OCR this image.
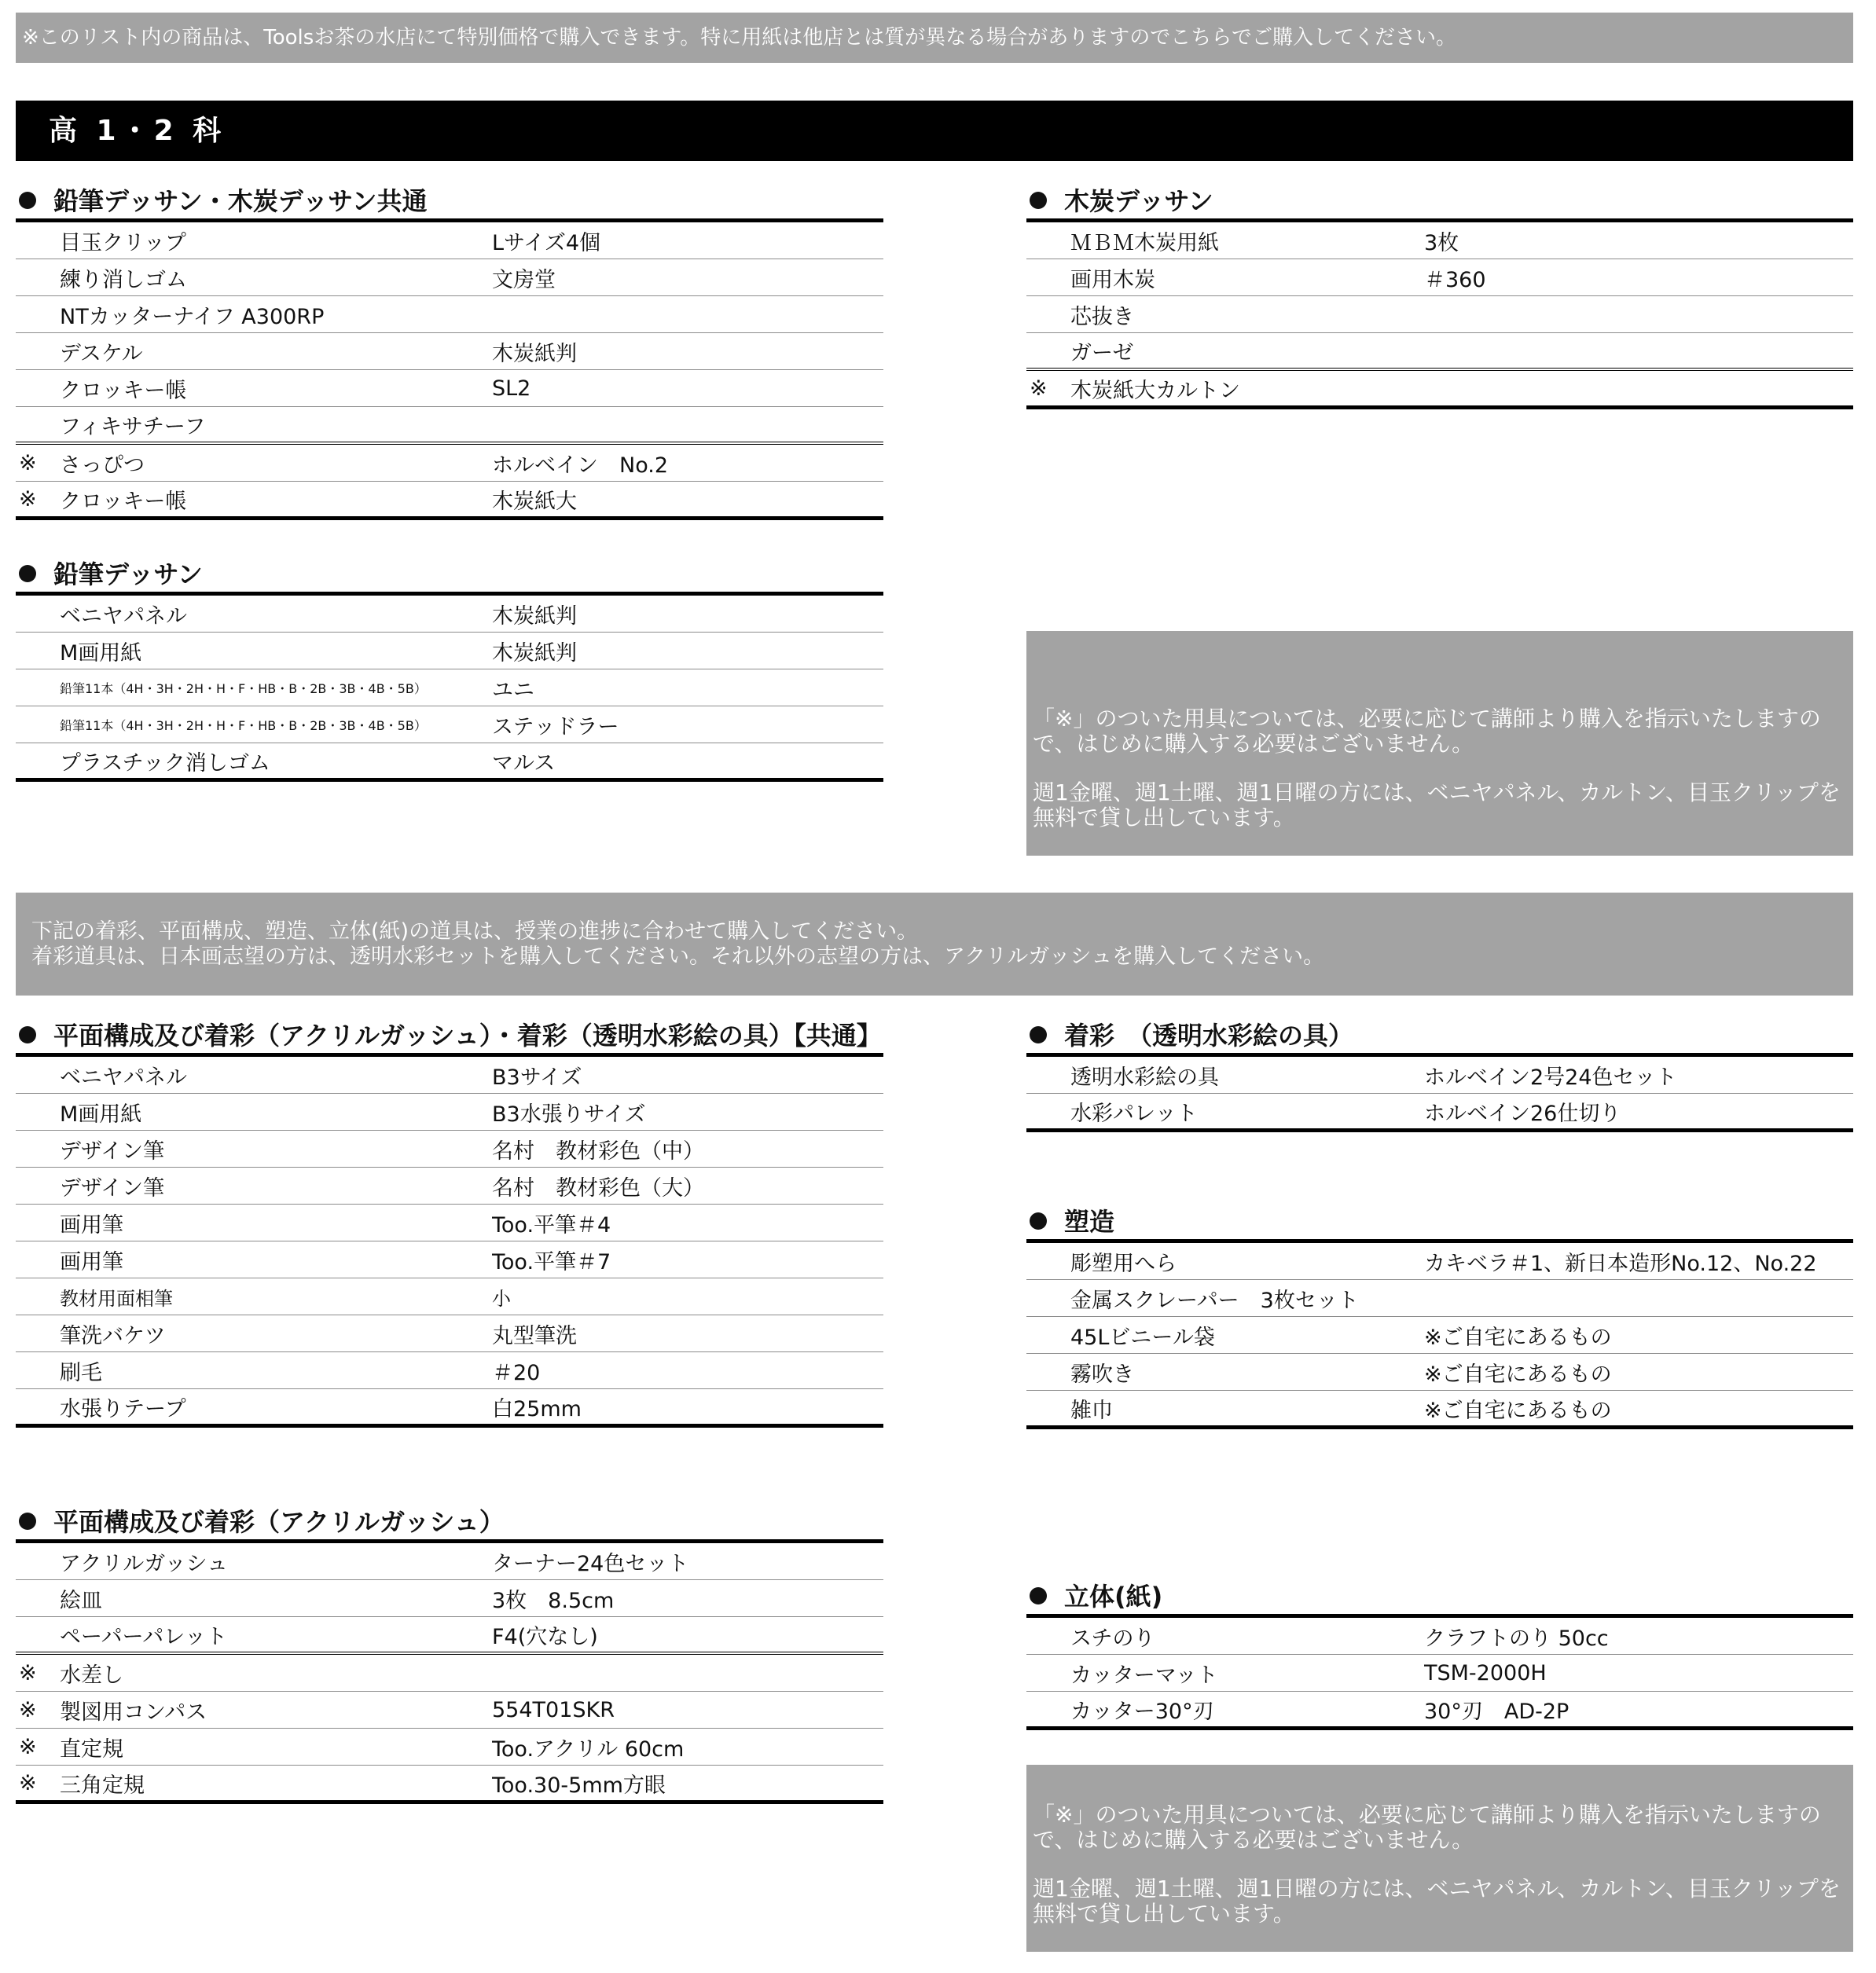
※このリスト内の商品は、Toolsお茶の水店にて特別価格で購入できます。特に用紙は他店とは質が異なる場合がありますのでこちらでご購入してください。
高 1・2 科
鉛筆デッサン・木炭デッサン共通
目玉クリップ	Lサイズ4個
練り消しゴム	文房堂
NTカッターナイフ A300RP
デスケル	木炭紙判
クロッキー帳	SL2
フィキサチーフ
※	さっぴつ	ホルベイン　No.2
※	クロッキー帳	木炭紙大
木炭デッサン
ＭＢＭ木炭用紙	3枚
画用木炭	＃360
芯抜き
ガーゼ
※	木炭紙大カルトン
鉛筆デッサン
ベニヤパネル	木炭紙判
M画用紙	木炭紙判
鉛筆11本（4H・3H・2H・H・F・HB・B・2B・3B・4B・5B）	ユニ
鉛筆11本（4H・3H・2H・H・F・HB・B・2B・3B・4B・5B）	ステッドラー
プラスチック消しゴム	マルス

「※」のついた用具については、必要に応じて講師より購入を指示いたしますので、はじめに購入する必要はございません。

週1金曜、週1土曜、週1日曜の方には、ベニヤパネル、カルトン、目玉クリップを無料で貸し出しています。

下記の着彩、平面構成、塑造、立体(紙)の道具は、授業の進捗に合わせて購入してください。

着彩道具は、日本画志望の方は、透明水彩セットを購入してください。それ以外の志望の方は、アクリルガッシュを購入してください。

平面構成及び着彩（アクリルガッシュ）・着彩（透明水彩絵の具）【共通】
ベニヤパネル	B3サイズ
M画用紙	B3水張りサイズ
デザイン筆	名村　教材彩色（中）
デザイン筆	名村　教材彩色（大）
画用筆	Too.平筆＃4
画用筆	Too.平筆＃7
教材用面相筆	小
筆洗バケツ	丸型筆洗
刷毛	＃20
水張りテープ	白25mm
着彩　（透明水彩絵の具）
透明水彩絵の具	ホルベイン2号24色セット
水彩パレット	ホルベイン26仕切り
塑造
彫塑用へら	カキベラ＃1、新日本造形No.12、No.22
金属スクレーパー　3枚セット
45Lビニール袋	※ご自宅にあるもの
霧吹き	※ご自宅にあるもの
雑巾	※ご自宅にあるもの
平面構成及び着彩（アクリルガッシュ）
アクリルガッシュ	ターナー24色セット
絵皿	3枚　8.5cm
ペーパーパレット	F4(穴なし)
※	水差し
※	製図用コンパス	554T01SKR
※	直定規	Too.アクリル 60cm
※	三角定規	Too.30-5mm方眼
立体(紙)
スチのり	クラフトのり 50cc
カッターマット	TSM-2000H
カッター30°刃	30°刃　AD-2P

「※」のついた用具については、必要に応じて講師より購入を指示いたしますので、はじめに購入する必要はございません。

週1金曜、週1土曜、週1日曜の方には、ベニヤパネル、カルトン、目玉クリップを無料で貸し出しています。
